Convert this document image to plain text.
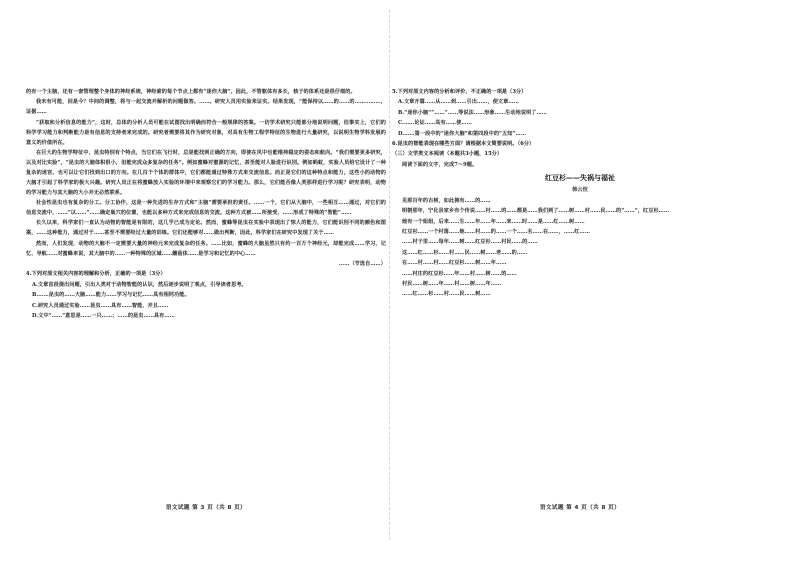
的有一个主脑，还有一套管理整个身体的神经系统，神经索的每个节点上都有“迷你大脑”。因此，不管躯体有多长，核子的体系还是很仔细的。

我未有可能，回是今？中间的调整，将与一起交流并解析的问题做答。……。研究人员用实验来证实。结果发现，“能保持以……的……的……………，证据……

“获取和分析信息的能力”，这时，总体的分析人员可能在试图找出明确而符合一般规律的答案。一切学术研究只能部分地说明问题，但事实上，它们的科学学习能力和判断能力是有信息的支持者来完成的。研究者需要将其作为研究对象，对具有生物工程学特征的生物进行大量研究，以说明生物学科发展的意义的价值所在。

在巨大的生物学特征中，昆虫特别有个特点，当它们在飞行时，总是能找到正确的方向，即使在风中也能维持稳定的姿态和航向。“我们需要更多研究，以及对比实验”，“昆虫的大脑体积很小，但能完成众多复杂的任务”。例如蜜蜂对蜜源的记忆，甚至能对人脸进行识别。例如蚂蚁，实验人员给它设计了一种复杂的迷宫，也可以让它们找到出口的方向。在几百个个体的群体中，它们都能通过特殊方式来交流信息。而正是它们的这种特点和能力，这些小的动物的大脑才引起了科学家的极大兴趣。研究人员正在将蜜蜂放入实验的环境中来观察它们的学习能力。那么，它们能否像人类那样进行学习呢？研究表明，动物的学习能力与其大脑的大小并无必然联系。

社会性昆虫也有复杂的分工。分工协作，这是一种先进的生存方式和“主脑”需要承担的责任。……一个，它们从大脑中，一些相互……通过，对它们的信息交流中，……“以……”……确定巢穴的位置，也能以多种方式来完成信息的交流。这种方式被……所接受，……形成了特殊的“智能”……

长久以来，科学家们一直认为动物的智能是有限的，这几乎已成为定论。然而，蜜蜂等昆虫在实验中表现出了惊人的能力，它们能识别不同的颜色和图案，……这种能力，通过对于……甚至不需要经过大量的训练。它们还能够对……做出判断，因此，科学家们在研究中发现了关于……

然而，人们发现，动物的大脑不一定需要大量的神经元来完成复杂的任务。……比如，蜜蜂的大脑虽然只有约一百万个神经元，却能完成……学习、记忆、导航……对蜜蜂来说，其大脑中的……一种特殊的区域……蘑菇体……是学习和记忆的中心……

……（节选自……）

4.下列对原文相关内容的理解和分析，正确的一项是（3分）

A.文章首段提出问题，引出人类对于动物智能的认识，然后逐步说明了观点，引导读者思考。

B.……昆虫的……大脑……能力……学习与记忆……具有相同功能。

C.研究人员通过实验……昆虫……具有……智能，并且……

D.文中“……”意思是……一只……；……的昆虫……具有……

语文试题 第 3 页（共 8 页）

5.下列对原文内容的分析和评价，不正确的一项是（3分）

A.文章开篇……从……到……引出……，使文章……

B.“迷你小脑”“……”……等说法……形象……生动地说明了……

C.……论证……具有……使……

D.……第一段中的“迷你大脑”和第四段中的“五知”……

6.昆虫的智能表现在哪些方面？请根据本文简要说明。（6分）

（三）文学类文本阅读（本题共3小题，15分）

阅读下面的文字，完成7～9题。

红豆杉——失祸与福祉
韩云枝

见那百年的古树，如此拥有……的……

明朝那年，宁化县家乡有个传说……村……的……都是……我们到了……树……村……民……的“……”，红豆杉……

她有一个姐姐，后来……生……年……年……来……时……是……红……树……

红豆杉……一个村落……她……村……的……一个……名……在……，……红……

……村子里……每年……树……红豆杉……村民……的……

这……红……杉……村……民……树……老……的……

在……村……村……红豆杉……树……年……

……村庄的红豆杉……年……村……树……的……

村民……树……年……村……树……年……

……红……杉……村……民……树……

语文试题 第 4 页（共 8 页）
